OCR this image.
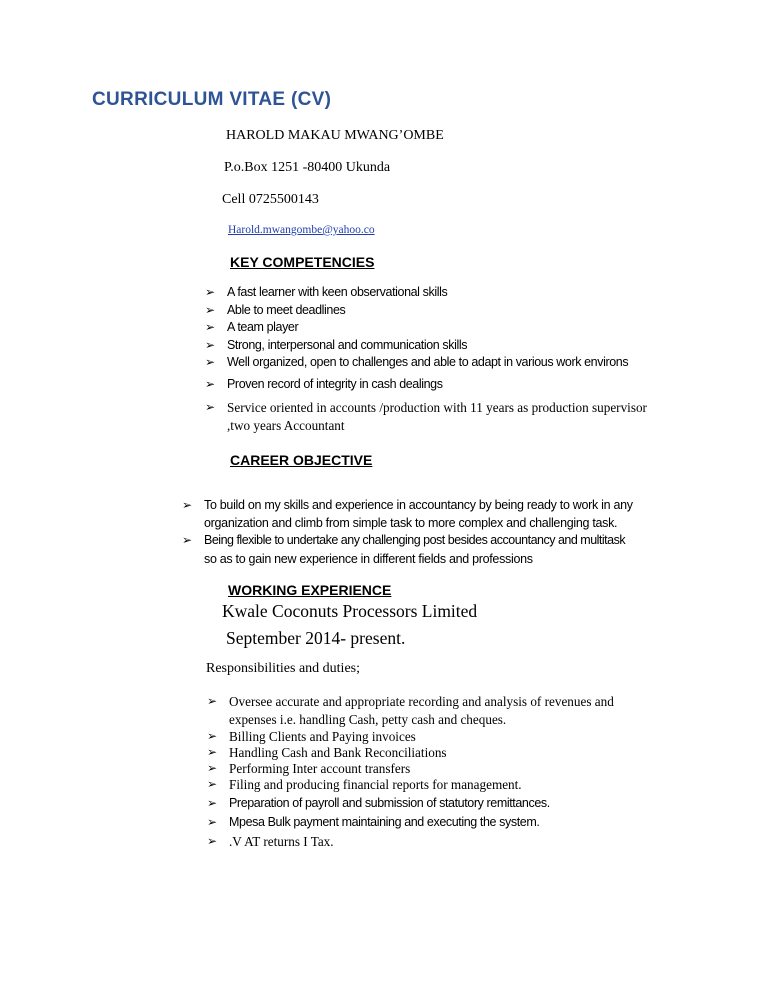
CURRICULUM VITAE (CV)
HAROLD MAKAU MWANG’OMBE
P.o.Box 1251 -80400 Ukunda
Cell 0725500143
Harold.mwangombe@yahoo.co
KEY COMPETENCIES
➢ A fast learner with keen observational skills
➢ Able to meet deadlines
➢ A team player
➢ Strong, interpersonal and communication skills
➢ Well organized, open to challenges and able to adapt in various work environs
➢ Proven record of integrity in cash dealings
➢ Service oriented in accounts /production with 11 years as production supervisor
,two years Accountant
CAREER OBJECTIVE
➢ To build on my skills and experience in accountancy by being ready to work in any
organization and climb from simple task to more complex and challenging task.
➢ Being flexible to undertake any challenging post besides accountancy and multitask
so as to gain new experience in different fields and professions
WORKING EXPERIENCE
Kwale Coconuts Processors Limited
September 2014- present.
Responsibilities and duties;
➢ Oversee accurate and appropriate recording and analysis of revenues and
expenses i.e. handling Cash, petty cash and cheques.
➢ Billing Clients and Paying invoices
➢ Handling Cash and Bank Reconciliations
➢ Performing Inter account transfers
➢ Filing and producing financial reports for management.
➢ Preparation of payroll and submission of statutory remittances.
➢ Mpesa Bulk payment maintaining and executing the system.
➢ .V AT returns I Tax.
